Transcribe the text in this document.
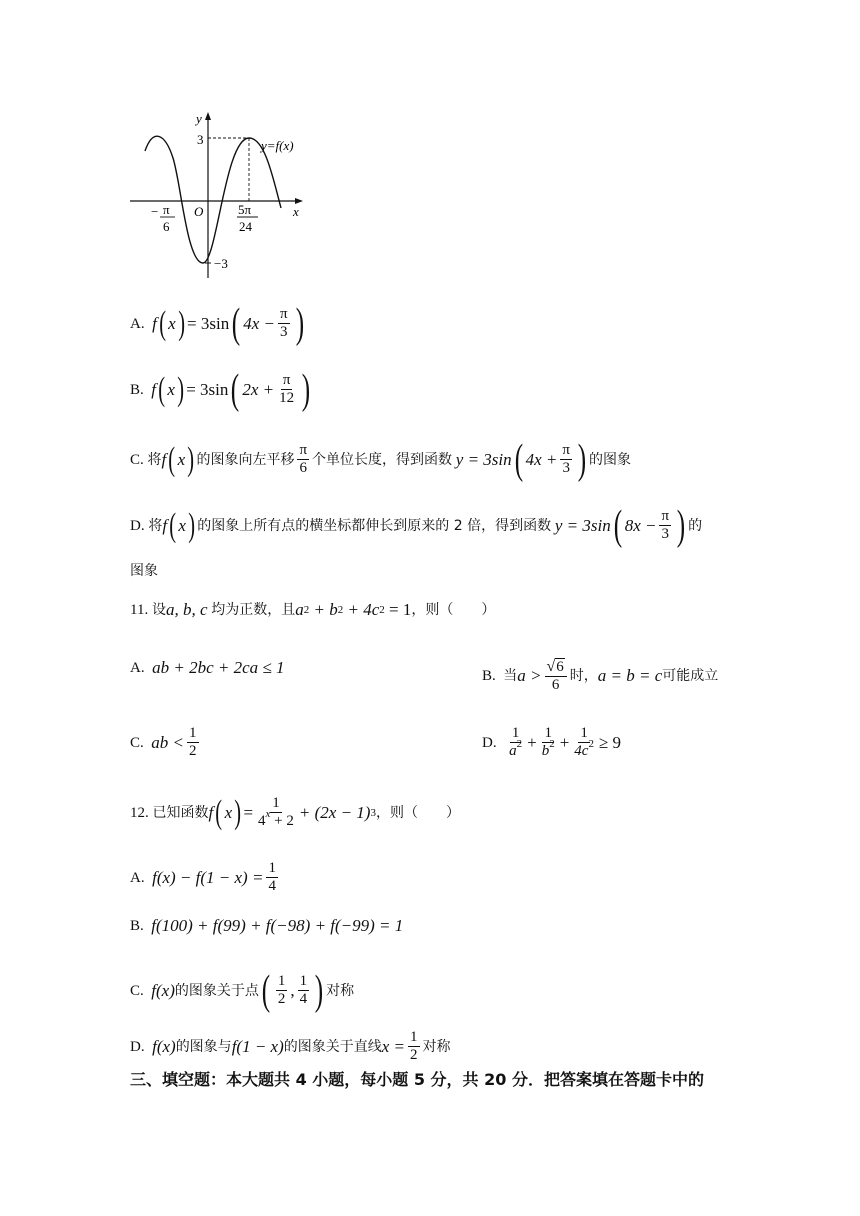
y
x
O
3
−3
y=f(x)
− π
6
5π
24
A.
f ( x ) = 3sin ( $4x - \frac{\pi}{3}$ )
B.
f ( x ) = 3sin ( $2x + \frac{\pi}{12}$ )
C.
将 f ( x ) 的图象向左平移 $\frac{\pi}{6}$ 个单位长度，得到函数
y = 3sin ( $4x + \frac{\pi}{3}$ ) 的图象
D.
将 f ( x ) 的图象上所有点的横坐标都伸长到原来的 2 倍，得到函数
y = 3sin ( $8x - \frac{\pi}{3}$ ) 的
图象
11.
设 a, b, c
均为正数，且 a 2
+ b 2
+ 4c 2
= 1 ，则（　　）
A.
ab + 2bc + 2ca ≤ 1	B.
当 $a > \frac{√ 6}{6}$ 时， a = b = c 可能成立
C.
ab < $\frac{1}{2}$	D.
$\frac{1}{a^2} + \frac{1}{b^2} + \frac{1}{4c^2} \ge 9$
12.
已知函数 f ( x ) = $\frac{1}{4^x + 2} + (2x - 1)$ 3 ，则（　　）
A.
$f(x) - f(1 - x) = \frac{1}{4}$
B.
f(100) + f(99) + f(−98) + f(−99) = 1
C.
f(x) 的图象关于点 ( $\frac{1}{2}$ , $\frac{1}{4}$ ) 对称
D.
f(x) 的图象与 f(1 − x) 的图象关于直线 $x = \frac{1}{2}$ 对称
三、填空题：本大题共 4 小题，每小题 5 分，共 20 分．把答案填在答题卡中的
